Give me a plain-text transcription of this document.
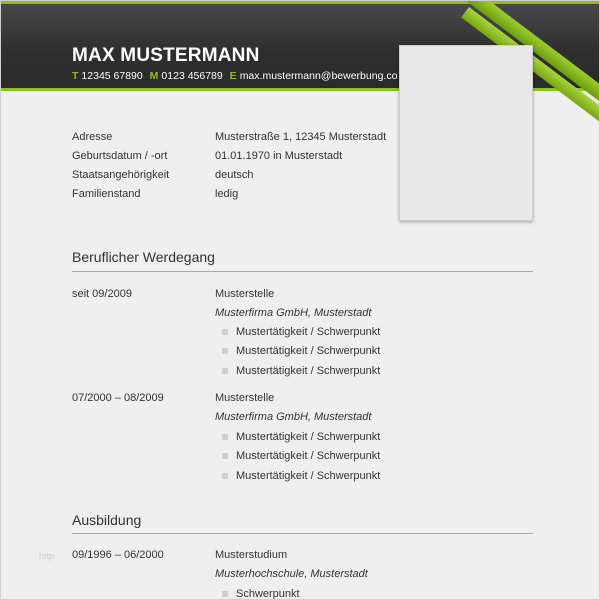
MAX MUSTERMANN
T 12345 67890 M 0123 456789 E max.mustermann@bewerbung.co
Adresse	Musterstraße 1, 12345 Musterstadt
Geburtsdatum / -ort	01.01.1970 in Musterstadt
Staatsangehörigkeit	deutsch
Familienstand	ledig
Beruflicher Werdegang
seit 09/2009	Musterstelle
Musterfirma GmbH, Musterstadt
Mustertätigkeit / Schwerpunkt
Mustertätigkeit / Schwerpunkt
Mustertätigkeit / Schwerpunkt
07/2000 – 08/2009	Musterstelle
Musterfirma GmbH, Musterstadt
Mustertätigkeit / Schwerpunkt
Mustertätigkeit / Schwerpunkt
Mustertätigkeit / Schwerpunkt
Ausbildung
http 09/1996 – 06/2000	Musterstudium
Musterhochschule, Musterstadt
Schwerpunkt
